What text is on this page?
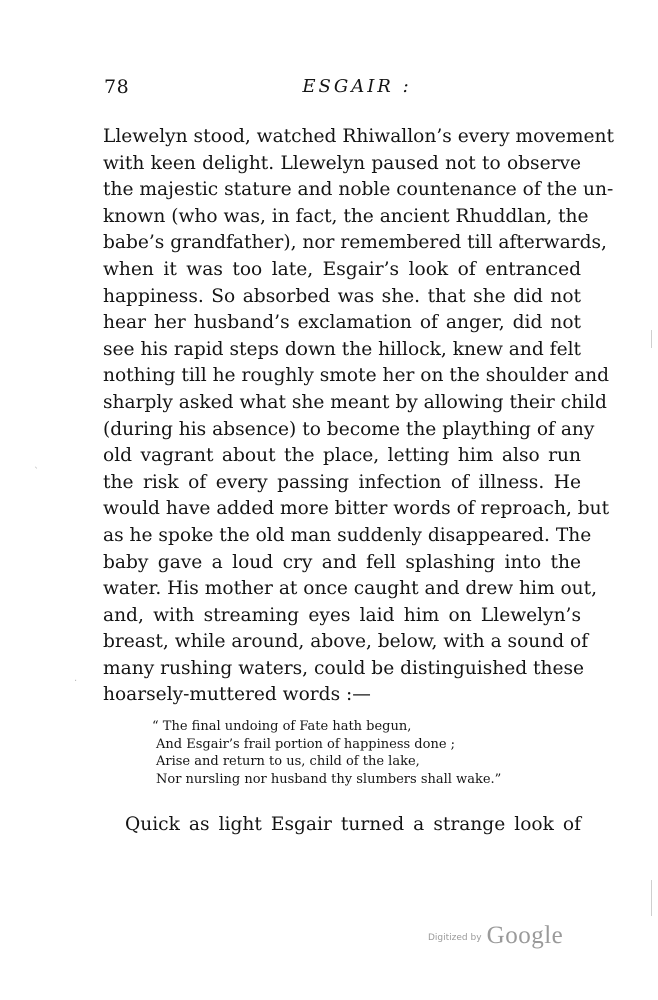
78	ESGAIR :
Llewelyn stood, watched Rhiwallon’s every movement
with keen delight. Llewelyn paused not to observe
the majestic stature and noble countenance of the un-
known (who was, in fact, the ancient Rhuddlan, the
babe’s grandfather), nor remembered till afterwards,
when it was too late, Esgair’s look of entranced
happiness. So absorbed was she. that she did not
hear her husband’s exclamation of anger, did not
see his rapid steps down the hillock, knew and felt
nothing till he roughly smote her on the shoulder and
sharply asked what she meant by allowing their child
(during his absence) to become the plaything of any
old vagrant about the place, letting him also run
the risk of every passing infection of illness. He
would have added more bitter words of reproach, but
as he spoke the old man suddenly disappeared. The
baby gave a loud cry and fell splashing into the
water. His mother at once caught and drew him out,
and, with streaming eyes laid him on Llewelyn’s
breast, while around, above, below, with a sound of
many rushing waters, could be distinguished these
hoarsely-muttered words :—
“ The final undoing of Fate hath begun,
And Esgair’s frail portion of happiness done ;
Arise and return to us, child of the lake,
Nor nursling nor husband thy slumbers shall wake.”
Quick as light Esgair turned a strange look of
ˎ
·
Digitized by Google
